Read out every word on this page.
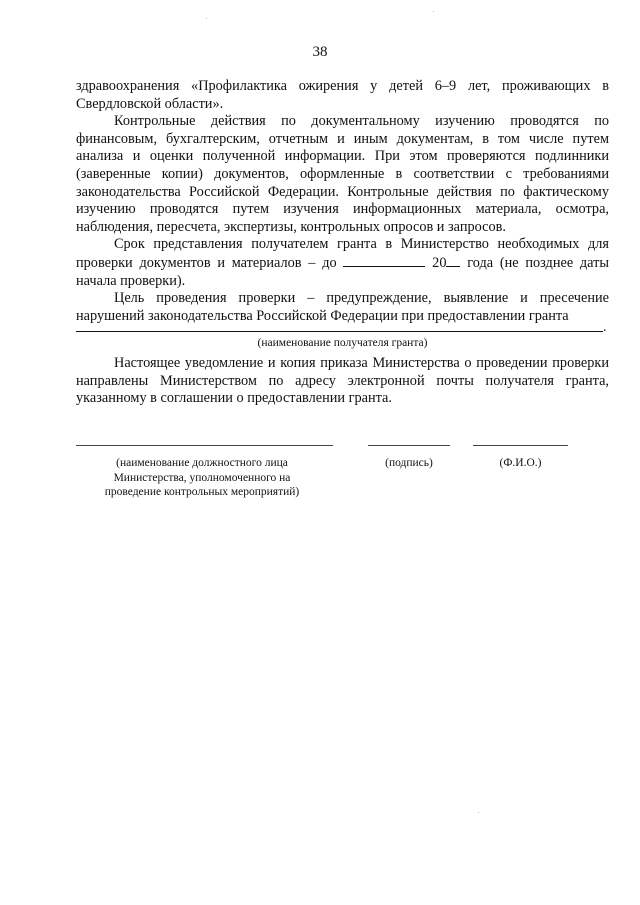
38

здравоохранения «Профилактика ожирения у детей 6–9 лет, проживающих в Свердловской области».

Контрольные действия по документальному изучению проводятся по финансовым, бухгалтерским, отчетным и иным документам, в том числе путем анализа и оценки полученной информации. При этом проверяются подлинники (заверенные копии) документов, оформленные в соответствии с требованиями законодательства Российской Федерации. Контрольные действия по фактическому изучению проводятся путем изучения информационных материала, осмотра, наблюдения, пересчета, экспертизы, контрольных опросов и запросов.

Срок представления получателем гранта в Министерство необходимых для проверки документов и материалов – до	20 года (не позднее даты начала проверки).

Цель проведения проверки – предупреждение, выявление и пресечение нарушений законодательства Российской Федерации при предоставлении гранта

.
(наименование получателя гранта)

Настоящее уведомление и копия приказа Министерства о проведении проверки направлены Министерством по адресу электронной почты получателя гранта, указанному в соглашении о предоставлении гранта.

(наименование должностного лица Министерства, уполномоченного на проведение контрольных мероприятий)
(подпись)	(Ф.И.О.)
